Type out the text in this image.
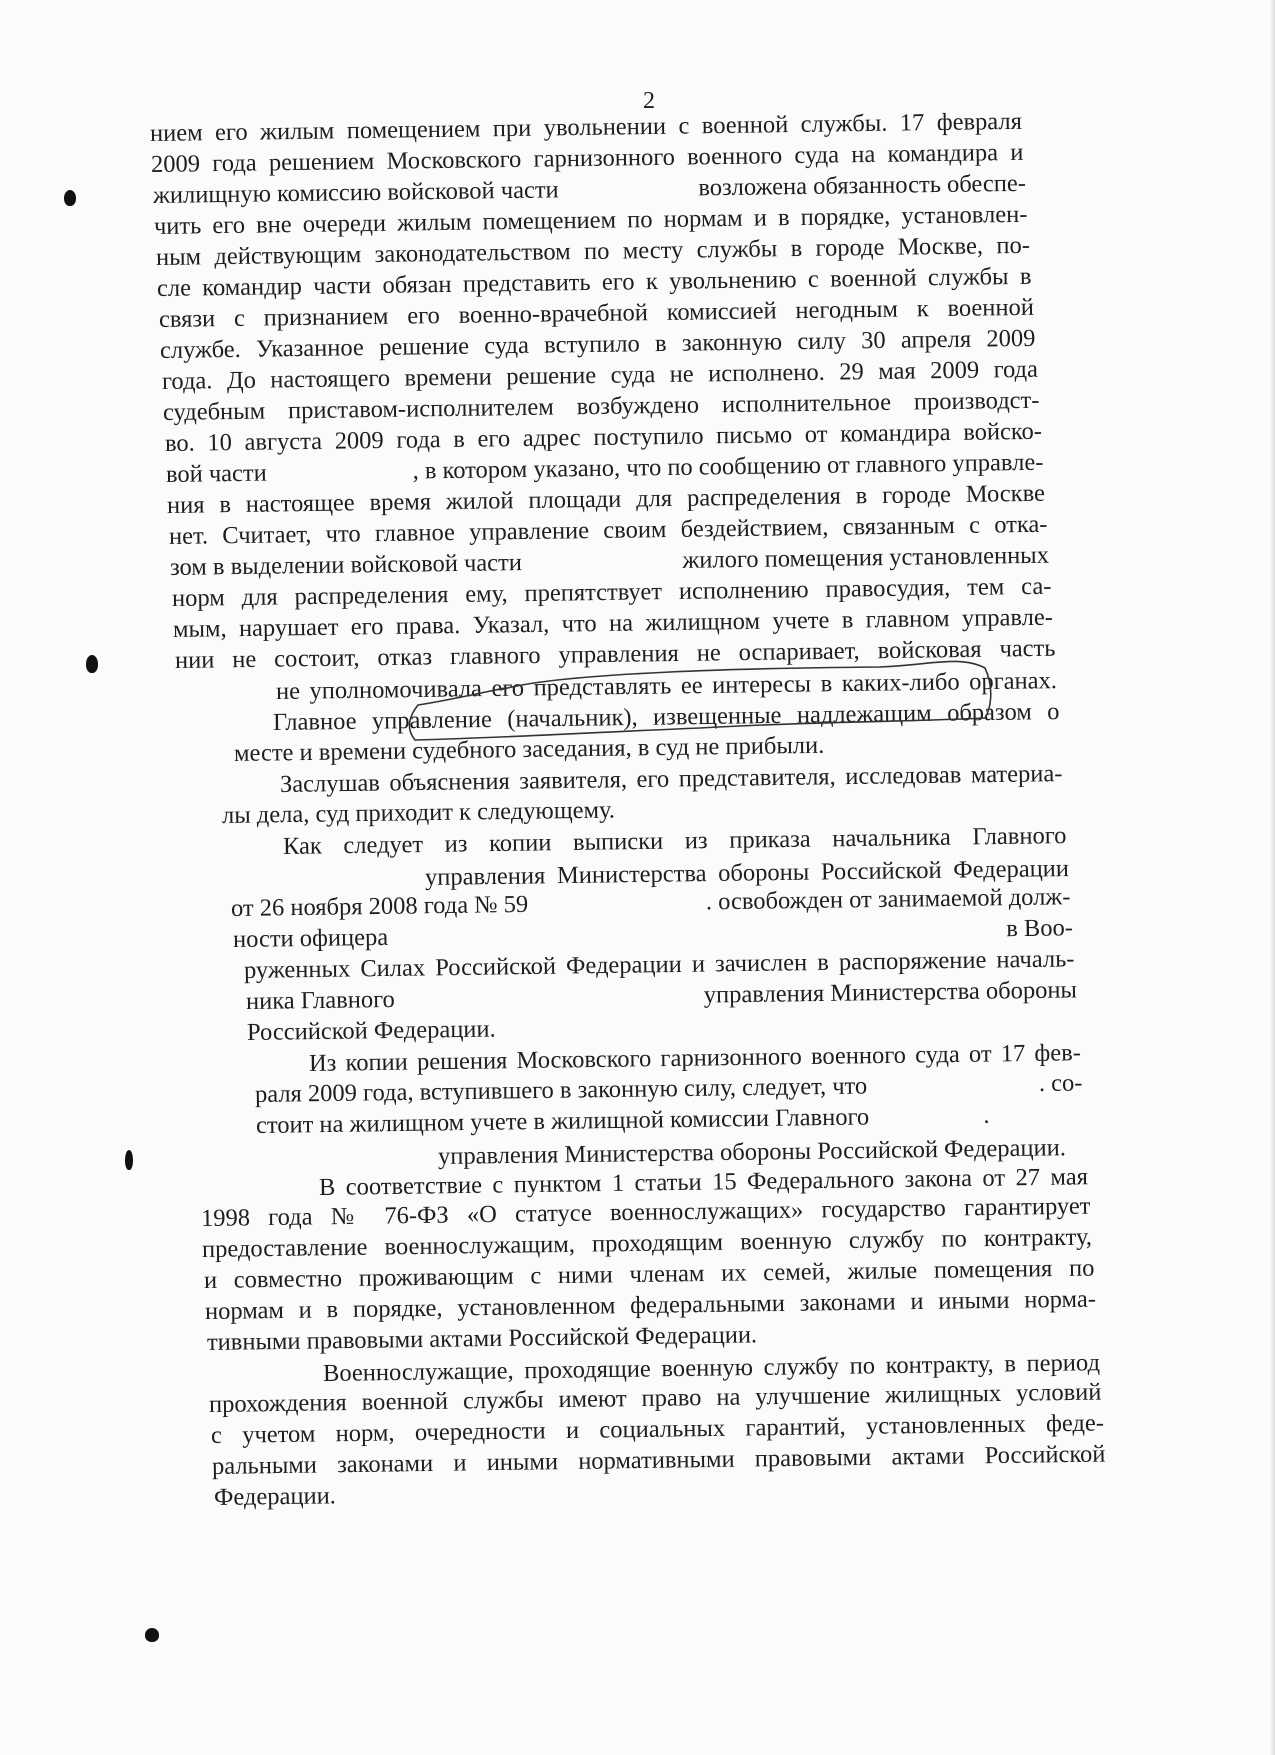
2
нием его жилым помещением при увольнении с военной службы. 17 февраля
2009 года решением Московского гарнизонного военного суда на командира и
жилищную комиссию войсковой части	возложена обязанность обеспе-
чить его вне очереди жилым помещением по нормам и в порядке, установлен-
ным действующим законодательством по месту службы в городе Москве, по-
сле командир части обязан представить его к увольнению с военной службы в
связи с признанием его военно-врачебной комиссией негодным к военной
службе. Указанное решение суда вступило в законную силу 30 апреля 2009
года. До настоящего времени решение суда не исполнено. 29 мая 2009 года
судебным приставом-исполнителем возбуждено исполнительное производст-
во. 10 августа 2009 года в его адрес поступило письмо от командира войско-
вой части	, в котором указано, что по сообщению от главного управле-
ния в настоящее время жилой площади для распределения в городе Москве
нет. Считает, что главное управление своим бездействием, связанным с отка-
зом в выделении войсковой части	жилого помещения установленных
норм для распределения ему, препятствует исполнению правосудия, тем са-
мым, нарушает его права. Указал, что на жилищном учете в главном управле-
нии не состоит, отказ главного управления не оспаривает, войсковая часть
не уполномочивала его представлять ее интересы в каких-либо органах.
Главное управление (начальник), извещенные надлежащим образом о
месте и времени судебного заседания, в суд не прибыли.
Заслушав объяснения заявителя, его представителя, исследовав материа-
лы дела, суд приходит к следующему.
Как следует из копии выписки из приказа начальника Главного
управления Министерства обороны Российской Федерации
от 26 ноября 2008 года № 59	. освобожден от занимаемой долж-
ности офицера	в Воо-
руженных Силах Российской Федерации и зачислен в распоряжение началь-
ника Главного	управления Министерства обороны
Российской Федерации.
Из копии решения Московского гарнизонного военного суда от 17 фев-
раля 2009 года, вступившего в законную силу, следует, что	. со-
стоит на жилищном учете в жилищной комиссии Главного	.
управления Министерства обороны Российской Федерации.
В соответствие с пунктом 1 статьи 15 Федерального закона от 27 мая
1998 года № 76-ФЗ «О статусе военнослужащих» государство гарантирует
предоставление военнослужащим, проходящим военную службу по контракту,
и совместно проживающим с ними членам их семей, жилые помещения по
нормам и в порядке, установленном федеральными законами и иными норма-
тивными правовыми актами Российской Федерации.
Военнослужащие, проходящие военную службу по контракту, в период
прохождения военной службы имеют право на улучшение жилищных условий
с учетом норм, очередности и социальных гарантий, установленных феде-
ральными законами и иными нормативными правовыми актами Российской
Федерации.
